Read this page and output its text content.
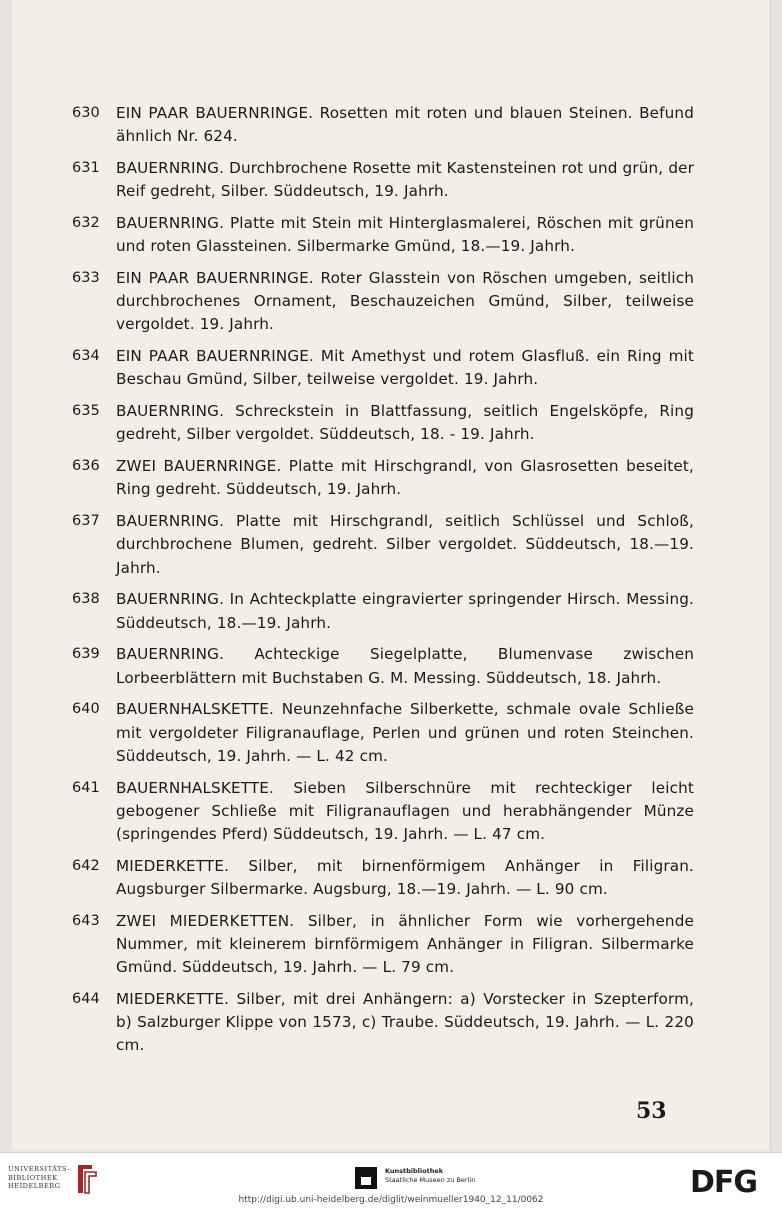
630 EIN PAAR BAUERNRINGE. Rosetten mit roten und blauen Steinen. Befund ähnlich Nr. 624.
631 BAUERNRING. Durchbrochene Rosette mit Kastensteinen rot und grün, der Reif gedreht, Silber. Süddeutsch, 19. Jahrh.
632 BAUERNRING. Platte mit Stein mit Hinterglasmalerei, Röschen mit grünen und roten Glassteinen. Silbermarke Gmünd, 18.—19. Jahrh.
633 EIN PAAR BAUERNRINGE. Roter Glasstein von Röschen umgeben, seitlich durchbrochenes Ornament, Beschauzeichen Gmünd, Silber, teilweise vergoldet. 19. Jahrh.
634 EIN PAAR BAUERNRINGE. Mit Amethyst und rotem Glasfluß. ein Ring mit Beschau Gmünd, Silber, teilweise vergoldet. 19. Jahrh.
635 BAUERNRING. Schreckstein in Blattfassung, seitlich Engelsköpfe, Ring gedreht, Silber vergoldet. Süddeutsch, 18. - 19. Jahrh.
636 ZWEI BAUERNRINGE. Platte mit Hirschgrandl, von Glasrosetten beseitet, Ring gedreht. Süddeutsch, 19. Jahrh.
637 BAUERNRING. Platte mit Hirschgrandl, seitlich Schlüssel und Schloß, durchbrochene Blumen, gedreht. Silber vergoldet. Süddeutsch, 18.—19. Jahrh.
638 BAUERNRING. In Achteckplatte eingravierter springender Hirsch. Messing. Süddeutsch, 18.—19. Jahrh.
639 BAUERNRING. Achteckige Siegelplatte, Blumenvase zwischen Lorbeerblättern mit Buchstaben G. M. Messing. Süddeutsch, 18. Jahrh.
640 BAUERNHALSKETTE. Neunzehnfache Silberkette, schmale ovale Schließe mit vergoldeter Filigranauflage, Perlen und grünen und roten Steinchen. Süddeutsch, 19. Jahrh. — L. 42 cm.
641 BAUERNHALSKETTE. Sieben Silberschnüre mit rechteckiger leicht gebogener Schließe mit Filigranauflagen und herabhängender Münze (springendes Pferd) Süddeutsch, 19. Jahrh. — L. 47 cm.
642 MIEDERKETTE. Silber, mit birnenförmigem Anhänger in Filigran. Augsburger Silbermarke. Augsburg, 18.—19. Jahrh. — L. 90 cm.
643 ZWEI MIEDERKETTEN. Silber, in ähnlicher Form wie vorhergehende Nummer, mit kleinerem birnförmigem Anhänger in Filigran. Silbermarke Gmünd. Süddeutsch, 19. Jahrh. — L. 79 cm.
644 MIEDERKETTE. Silber, mit drei Anhängern: a) Vorstecker in Szepterform, b) Salzburger Klippe von 1573, c) Traube. Süddeutsch, 19. Jahrh. — L. 220 cm.
53
UNIVERSITÄTS-
BIBLIOTHEK
HEIDELBERG
Kunstbibliothek
Staatliche Museen zu Berlin	DFG
http://digi.ub.uni-heidelberg.de/diglit/weinmueller1940_12_11/0062
